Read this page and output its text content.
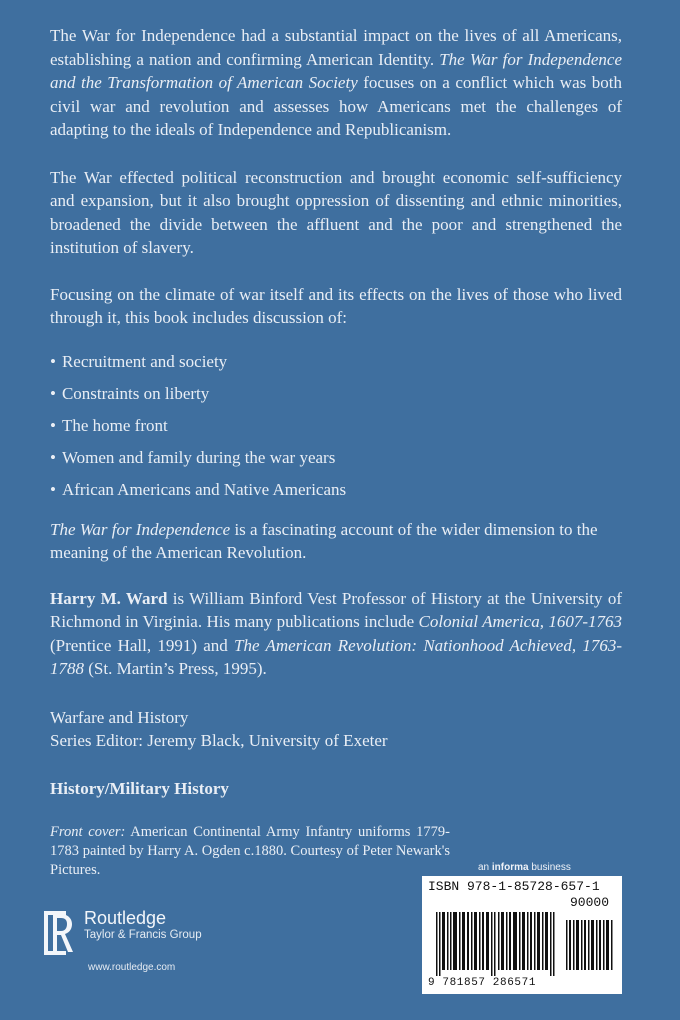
The War for Independence had a substantial impact on the lives of all Americans, establishing a nation and confirming American Identity. The War for Independence and the Transformation of American Society focuses on a conflict which was both civil war and revolution and assesses how Americans met the challenges of adapting to the ideals of Independence and Republicanism.

The War effected political reconstruction and brought economic self-sufficiency and expansion, but it also brought oppression of dissenting and ethnic minorities, broadened the divide between the affluent and the poor and strengthened the institution of slavery.

Focusing on the climate of war itself and its effects on the lives of those who lived through it, this book includes discussion of:

• Recruitment and society
• Constraints on liberty
• The home front
• Women and family during the war years
• African Americans and Native Americans

The War for Independence is a fascinating account of the wider dimension to the meaning of the American Revolution.

Harry M. Ward is William Binford Vest Professor of History at the University of Richmond in Virginia. His many publications include Colonial America, 1607-1763 (Prentice Hall, 1991) and The American Revolution: Nationhood Achieved, 1763-1788 (St. Martin’s Press, 1995).

Warfare and History

Series Editor: Jeremy Black, University of Exeter

History/Military History
Front cover: American Continental Army Infantry uniforms 1779-1783 painted by Harry A. Ogden c.1880. Courtesy of Peter Newark's Pictures.
Routledge
Taylor & Francis Group
www.routledge.com
an informa business
ISBN 978-1-85728-657-1
90000
9 781857 286571
